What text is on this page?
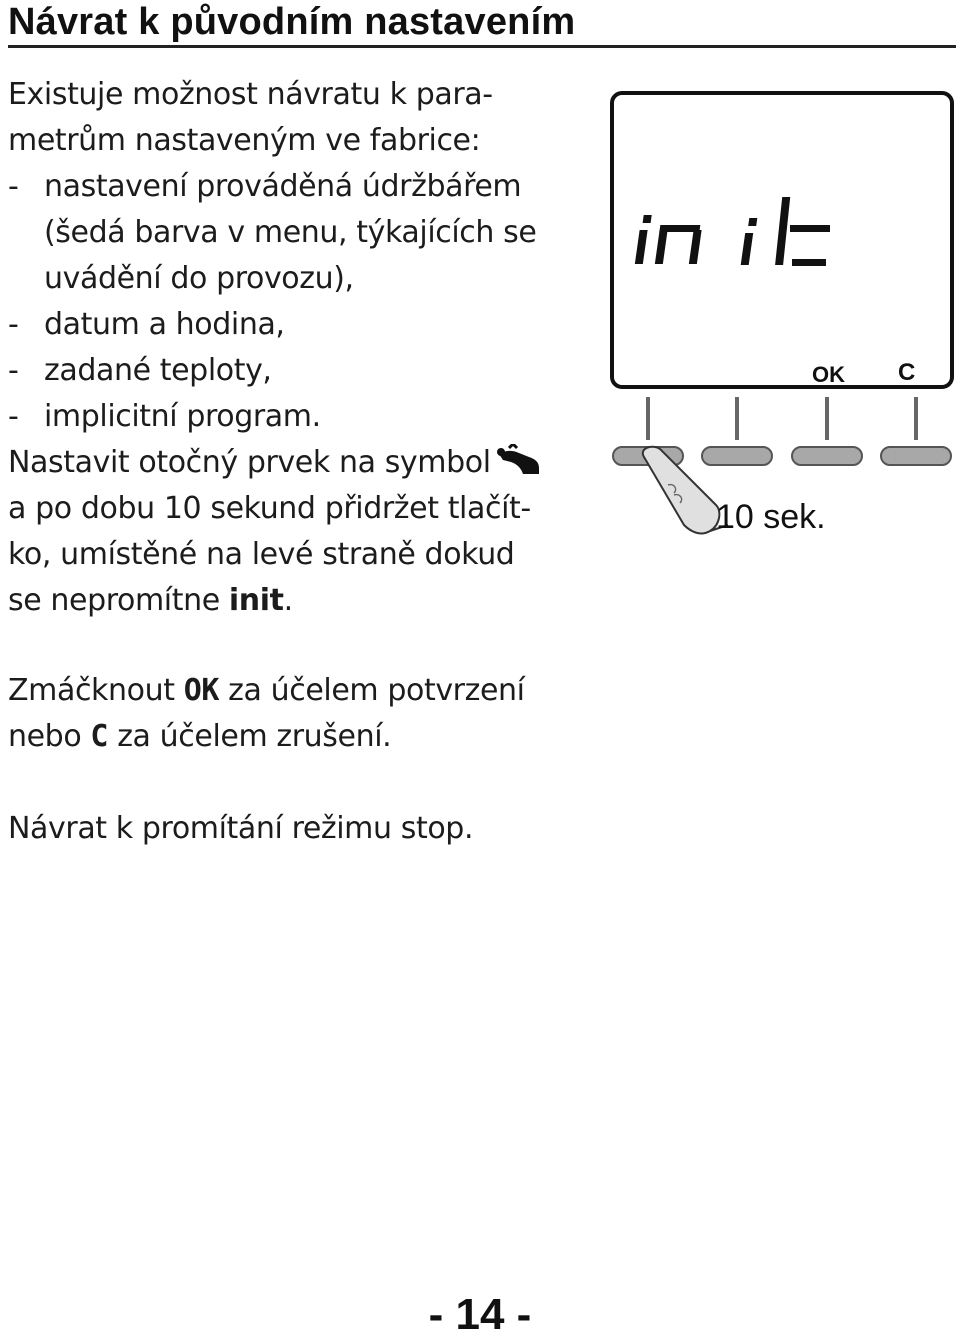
Návrat k původním nastavením
Existuje možnost návratu k para-
metrům nastaveným ve fabrice:
- nastavení prováděná údržbářem
(šedá barva v menu, týkajících se
uvádění do provozu),
- datum a hodina,
- zadané teploty,
- implicitní program.
Nastavit otočný prvek na symbol
a po dobu 10 sekund přidržet tlačít-
ko, umístěné na levé straně dokud
se nepromítne init.
Zmáčknout OK za účelem potvrzení
nebo C za účelem zrušení.
Návrat k promítání režimu stop.
OK C
10 sek.
- 14 -
